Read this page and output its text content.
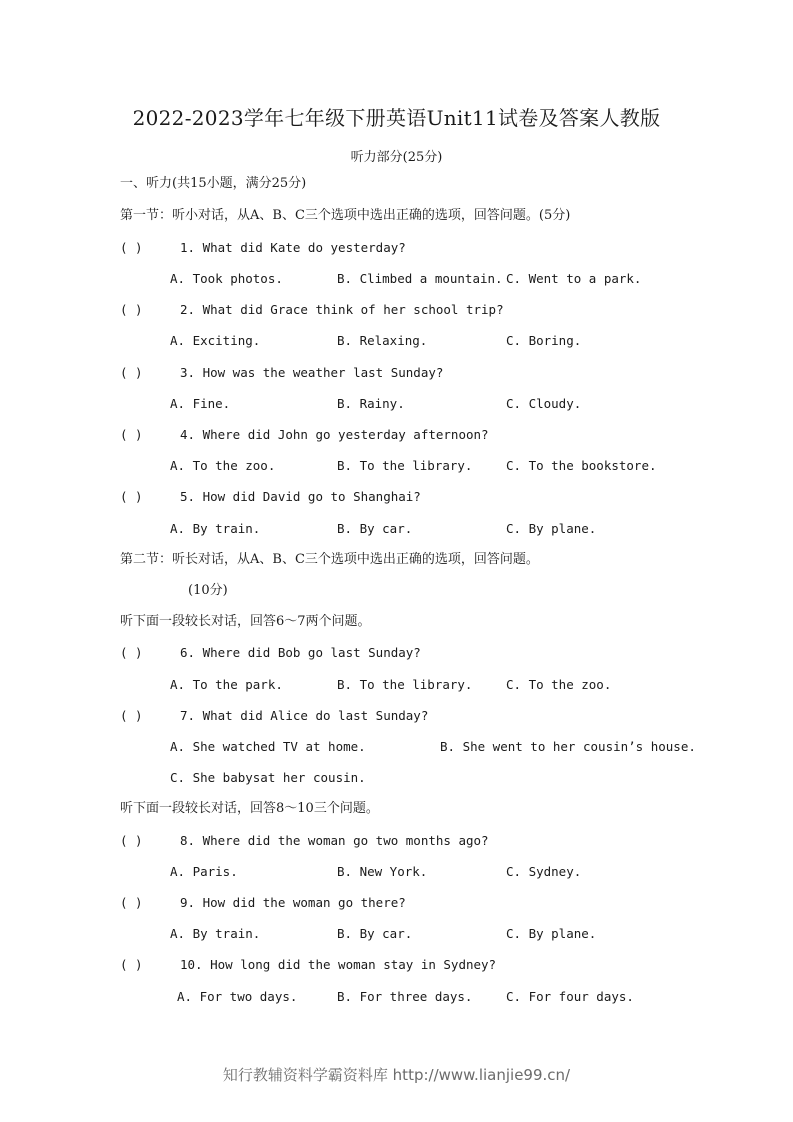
2022-2023学年七年级下册英语Unit11试卷及答案人教版
听力部分(25分)
一、听力(共15小题，满分25分)
第一节：听小对话，从A、B、C三个选项中选出正确的选项，回答问题。(5分)
( )	1. What did Kate do yesterday?
A. Took photos.	B. Climbed a mountain. C. Went to a park.
( )	2. What did Grace think of her school trip?
A. Exciting.	B. Relaxing.	C. Boring.
( )	3. How was the weather last Sunday?
A. Fine.	B. Rainy.	C. Cloudy.
( )	4. Where did John go yesterday afternoon?
A. To the zoo.	B. To the library.	C. To the bookstore.
( )	5. How did David go to Shanghai?
A. By train.	B. By car.	C. By plane.
第二节：听长对话，从A、B、C三个选项中选出正确的选项，回答问题。
(10分)
听下面一段较长对话，回答6～7两个问题。
( )	6. Where did Bob go last Sunday?
A. To the park.	B. To the library.	C. To the zoo.
( )	7. What did Alice do last Sunday?
A. She watched TV at home.	B. She went to her cousin’s house.
C. She babysat her cousin.
听下面一段较长对话，回答8～10三个问题。
( )	8. Where did the woman go two months ago?
A. Paris.	B. New York.	C. Sydney.
( )	9. How did the woman go there?
A. By train.	B. By car.	C. By plane.
( )	10. How long did the woman stay in Sydney?
A. For two days.	B. For three days.	C. For four days.
知行教辅资料学霸资料库 http://www.lianjie99.cn/
